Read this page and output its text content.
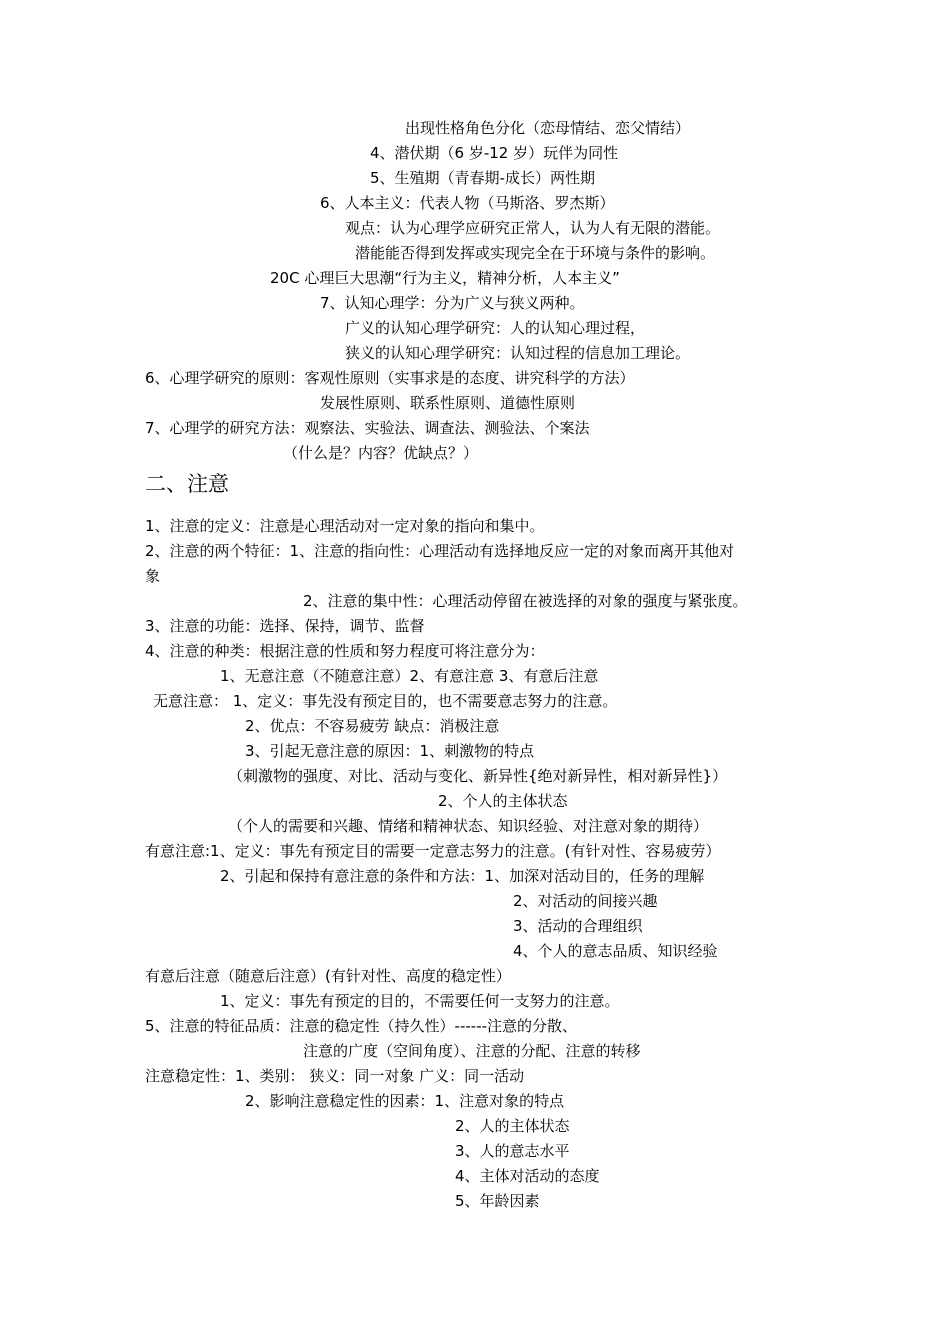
出现性格角色分化（恋母情结、恋父情结）
4、潜伏期（6 岁-12 岁）玩伴为同性
5、生殖期（青春期-成长）两性期
6、人本主义：代表人物（马斯洛、罗杰斯）
观点：认为心理学应研究正常人，认为人有无限的潜能。
潜能能否得到发挥或实现完全在于环境与条件的影响。
20C 心理巨大思潮“行为主义，精神分析，人本主义”
7、认知心理学：分为广义与狭义两种。
广义的认知心理学研究：人的认知心理过程，
狭义的认知心理学研究：认知过程的信息加工理论。
6、心理学研究的原则：客观性原则（实事求是的态度、讲究科学的方法）
发展性原则、联系性原则、道德性原则
7、心理学的研究方法：观察法、实验法、调查法、测验法、个案法
（什么是？内容？优缺点？）
二、注意
1、注意的定义：注意是心理活动对一定对象的指向和集中。
2、注意的两个特征：1、注意的指向性：心理活动有选择地反应一定的对象而离开其他对
象
2、注意的集中性：心理活动停留在被选择的对象的强度与紧张度。
3、注意的功能：选择、保持，调节、监督
4、注意的种类：根据注意的性质和努力程度可将注意分为：
1、无意注意（不随意注意）2、有意注意 3、有意后注意
无意注意： 1、定义：事先没有预定目的，也不需要意志努力的注意。
2、优点：不容易疲劳 缺点：消极注意
3、引起无意注意的原因：1、刺激物的特点
（刺激物的强度、对比、活动与变化、新异性{绝对新异性，相对新异性}）
2、个人的主体状态
（个人的需要和兴趣、情绪和精神状态、知识经验、对注意对象的期待）
有意注意:1、定义：事先有预定目的需要一定意志努力的注意。(有针对性、容易疲劳）
2、引起和保持有意注意的条件和方法：1、加深对活动目的，任务的理解
2、对活动的间接兴趣
3、活动的合理组织
4、个人的意志品质、知识经验
有意后注意（随意后注意）(有针对性、高度的稳定性）
1、定义：事先有预定的目的，不需要任何一支努力的注意。
5、注意的特征品质：注意的稳定性（持久性）------注意的分散、
注意的广度（空间角度）、注意的分配、注意的转移
注意稳定性：1、类别： 狭义：同一对象 广义：同一活动
2、影响注意稳定性的因素：1、注意对象的特点
2、人的主体状态
3、人的意志水平
4、主体对活动的态度
5、年龄因素
